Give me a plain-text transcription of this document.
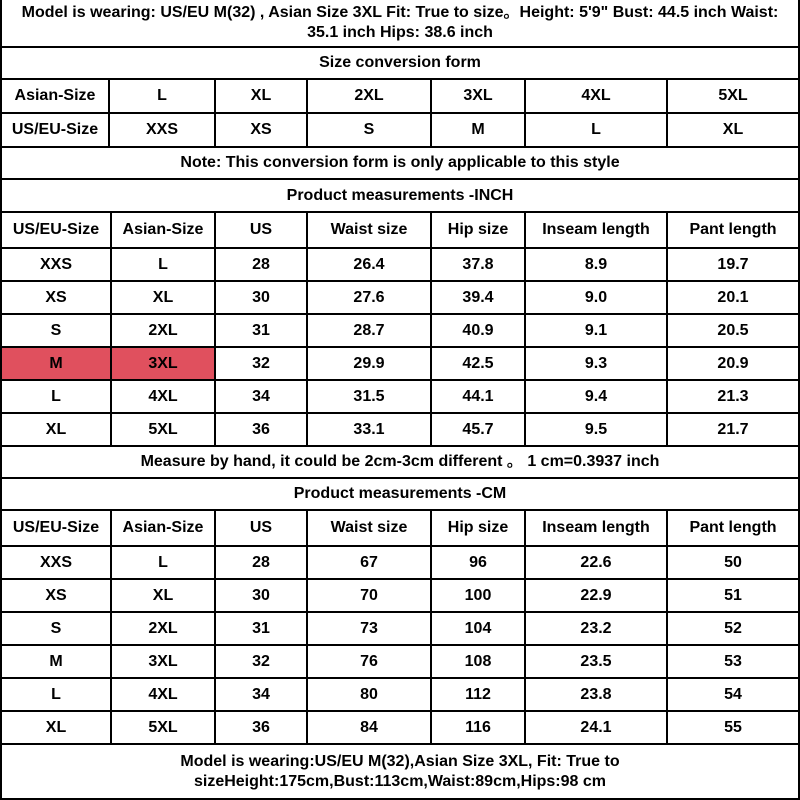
Model is wearing: US/EU M(32) , Asian Size 3XL Fit: True to size。Height: 5'9" Bust: 44.5 inch Waist: 35.1 inch Hips: 38.6 inch
Size conversion form
Asian-Size	L	XL	2XL	3XL	4XL	5XL
US/EU-Size	XXS	XS	S	M	L	XL
Note: This conversion form is only applicable to this style
Product measurements -INCH
US/EU-Size	Asian-Size	US	Waist size	Hip size	Inseam length	Pant length
XXS	L	28	26.4	37.8	8.9	19.7
XS	XL	30	27.6	39.4	9.0	20.1
S	2XL	31	28.7	40.9	9.1	20.5
M	3XL	32	29.9	42.5	9.3	20.9
L	4XL	34	31.5	44.1	9.4	21.3
XL	5XL	36	33.1	45.7	9.5	21.7
Measure by hand, it could be 2cm-3cm different 。 1 cm=0.3937 inch
Product measurements -CM
US/EU-Size	Asian-Size	US	Waist size	Hip size	Inseam length	Pant length
XXS	L	28	67	96	22.6	50
XS	XL	30	70	100	22.9	51
S	2XL	31	73	104	23.2	52
M	3XL	32	76	108	23.5	53
L	4XL	34	80	112	23.8	54
XL	5XL	36	84	116	24.1	55
Model is wearing:US/EU M(32),Asian Size 3XL, Fit: True to sizeHeight:175cm,Bust:113cm,Waist:89cm,Hips:98 cm
